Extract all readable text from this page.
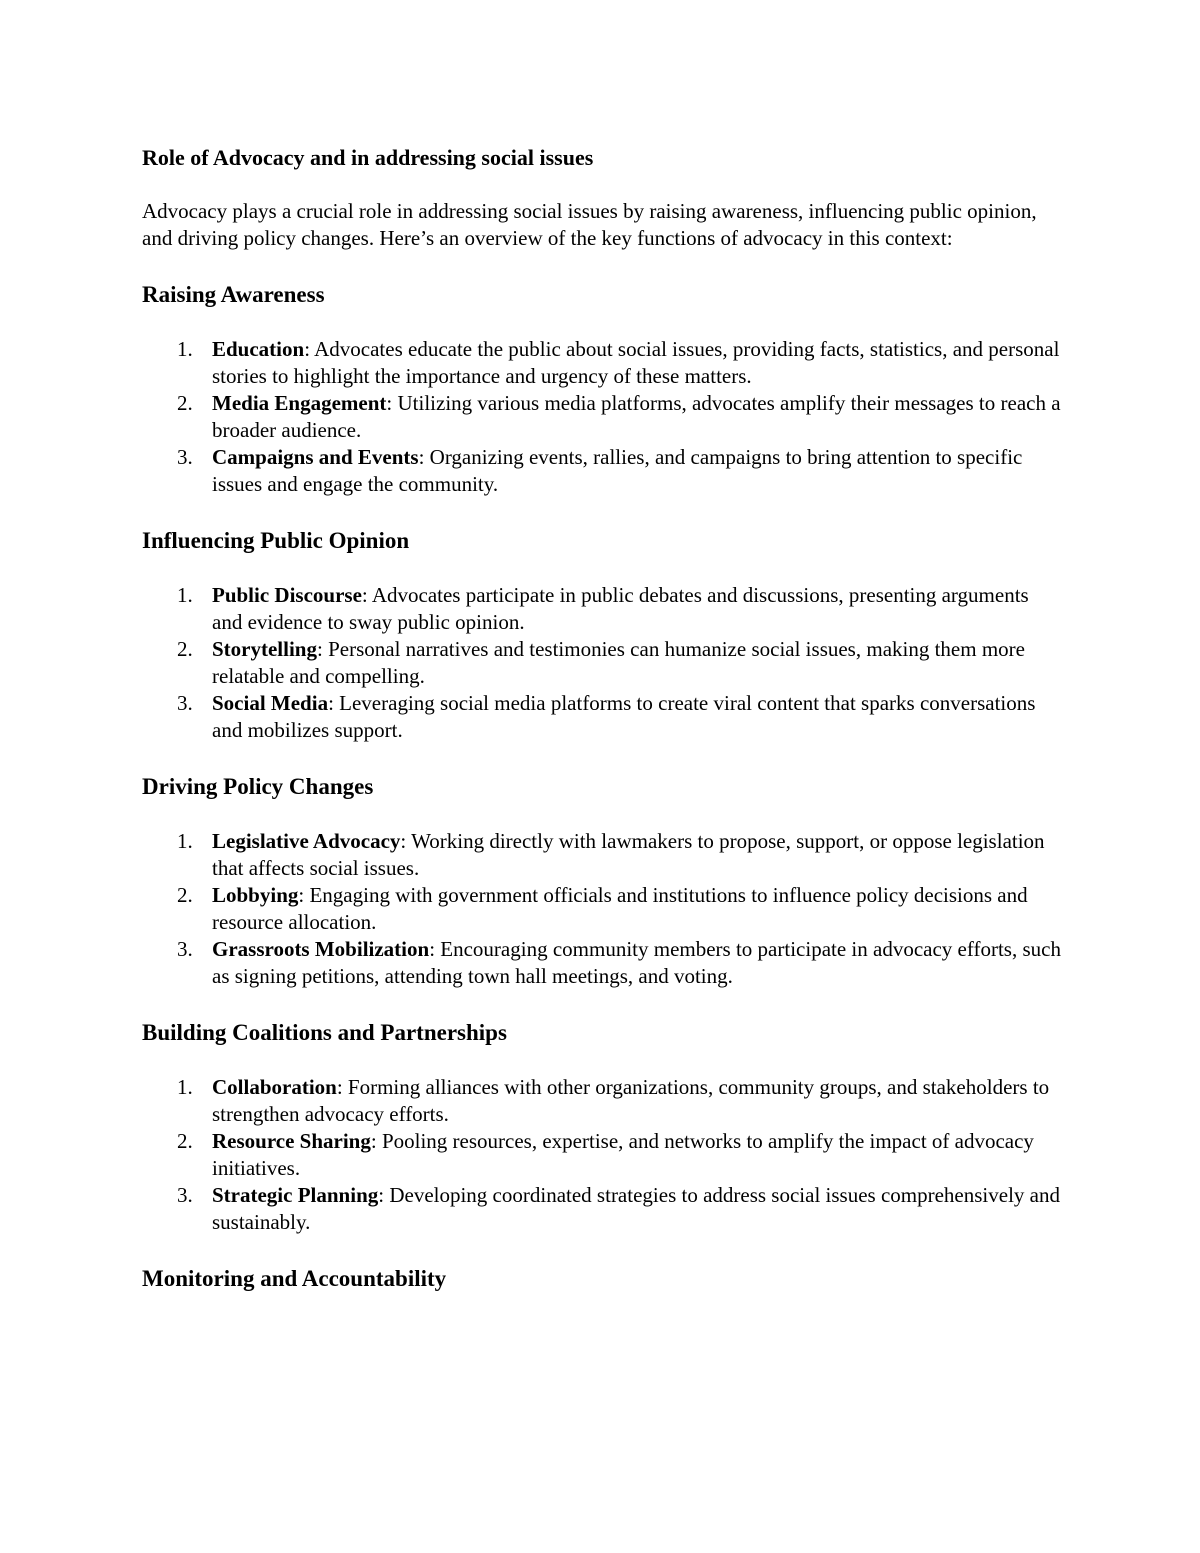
Role of Advocacy and in addressing social issues

Advocacy plays a crucial role in addressing social issues by raising awareness, influencing public opinion, and driving policy changes. Here’s an overview of the key functions of advocacy in this context:

Raising Awareness
1. Education: Advocates educate the public about social issues, providing facts, statistics, and personal stories to highlight the importance and urgency of these matters.
2. Media Engagement: Utilizing various media platforms, advocates amplify their messages to reach a broader audience.
3. Campaigns and Events: Organizing events, rallies, and campaigns to bring attention to specific issues and engage the community.
Influencing Public Opinion
1. Public Discourse: Advocates participate in public debates and discussions, presenting arguments and evidence to sway public opinion.
2. Storytelling: Personal narratives and testimonies can humanize social issues, making them more relatable and compelling.
3. Social Media: Leveraging social media platforms to create viral content that sparks conversations and mobilizes support.
Driving Policy Changes
1. Legislative Advocacy: Working directly with lawmakers to propose, support, or oppose legislation that affects social issues.
2. Lobbying: Engaging with government officials and institutions to influence policy decisions and resource allocation.
3. Grassroots Mobilization: Encouraging community members to participate in advocacy efforts, such as signing petitions, attending town hall meetings, and voting.
Building Coalitions and Partnerships
1. Collaboration: Forming alliances with other organizations, community groups, and stakeholders to strengthen advocacy efforts.
2. Resource Sharing: Pooling resources, expertise, and networks to amplify the impact of advocacy initiatives.
3. Strategic Planning: Developing coordinated strategies to address social issues comprehensively and sustainably.
Monitoring and Accountability
